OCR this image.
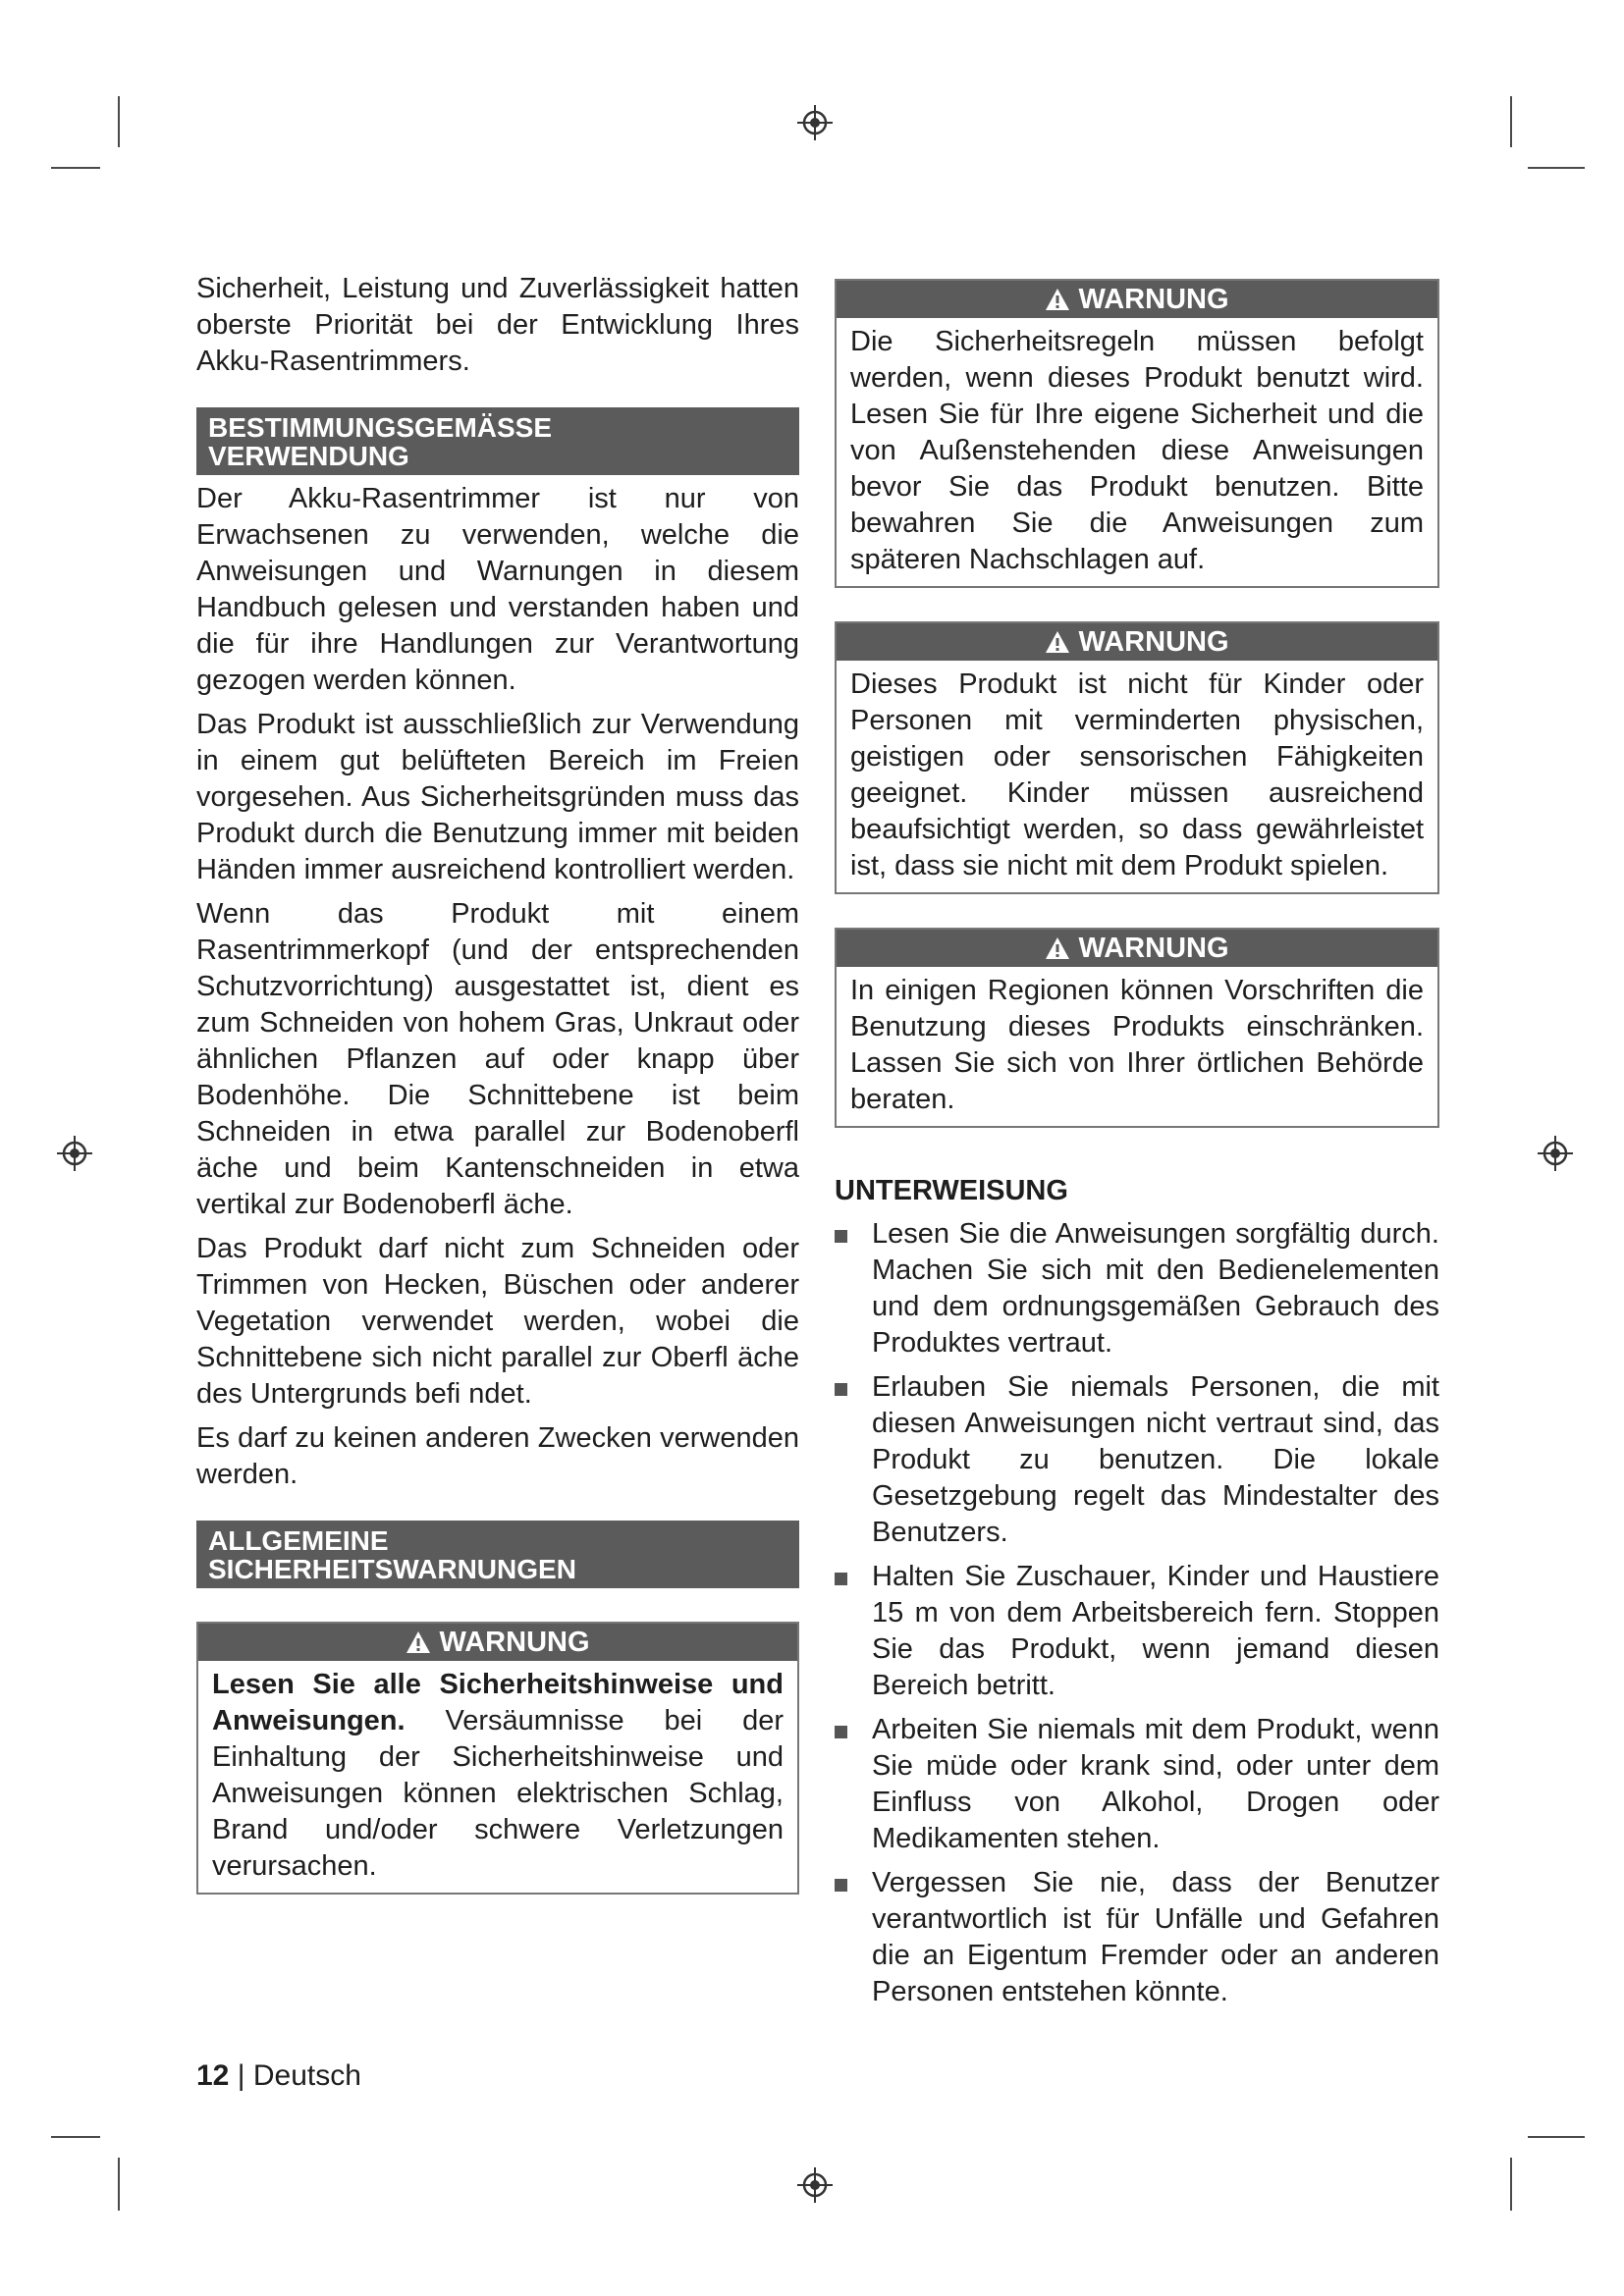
Sicherheit, Leistung und Zuverlässigkeit hatten oberste Priorität bei der Entwicklung Ihres Akku-Rasentrimmers.

BESTIMMUNGSGEMÄSSE
VERWENDUNG

Der Akku-Rasentrimmer ist nur von Erwachsenen zu verwenden, welche die Anweisungen und Warnungen in diesem Handbuch gelesen und verstanden haben und die für ihre Handlungen zur Verantwortung gezogen werden können.

Das Produkt ist ausschließlich zur Verwendung in einem gut belüfteten Bereich im Freien vorgesehen. Aus Sicherheitsgründen muss das Produkt durch die Benutzung immer mit beiden Händen immer ausreichend kontrolliert werden.

Wenn das Produkt mit einem Rasentrimmerkopf (und der entsprechenden Schutzvorrichtung) ausgestattet ist, dient es zum Schneiden von hohem Gras, Unkraut oder ähnlichen Pflanzen auf oder knapp über Bodenhöhe. Die Schnittebene ist beim Schneiden in etwa parallel zur Bodenoberfl äche und beim Kantenschneiden in etwa vertikal zur Bodenoberfl äche.

Das Produkt darf nicht zum Schneiden oder Trimmen von Hecken, Büschen oder anderer Vegetation verwendet werden, wobei die Schnittebene sich nicht parallel zur Oberfl äche des Untergrunds befi ndet.

Es darf zu keinen anderen Zwecken verwenden werden.

ALLGEMEINE
SICHERHEITSWARNUNGEN
WARNUNG
Lesen Sie alle Sicherheitshinweise und Anweisungen. Versäumnisse bei der Einhaltung der Sicherheitshinweise und Anweisungen können elektrischen Schlag, Brand und/oder schwere Verletzungen verursachen.
WARNUNG
Die Sicherheitsregeln müssen befolgt werden, wenn dieses Produkt benutzt wird. Lesen Sie für Ihre eigene Sicherheit und die von Außenstehenden diese Anweisungen bevor Sie das Produkt benutzen. Bitte bewahren Sie die Anweisungen zum späteren Nachschlagen auf.
WARNUNG
Dieses Produkt ist nicht für Kinder oder Personen mit verminderten physischen, geistigen oder sensorischen Fähigkeiten geeignet. Kinder müssen ausreichend beaufsichtigt werden, so dass gewährleistet ist, dass sie nicht mit dem Produkt spielen.
WARNUNG
In einigen Regionen können Vorschriften die Benutzung dieses Produkts einschränken. Lassen Sie sich von Ihrer örtlichen Behörde beraten.
UNTERWEISUNG
Lesen Sie die Anweisungen sorgfältig durch. Machen Sie sich mit den Bedienelementen und dem ordnungsgemäßen Gebrauch des Produktes vertraut.
Erlauben Sie niemals Personen, die mit diesen Anweisungen nicht vertraut sind, das Produkt zu benutzen. Die lokale Gesetzgebung regelt das Mindestalter des Benutzers.
Halten Sie Zuschauer, Kinder und Haustiere 15 m von dem Arbeitsbereich fern. Stoppen Sie das Produkt, wenn jemand diesen Bereich betritt.
Arbeiten Sie niemals mit dem Produkt, wenn Sie müde oder krank sind, oder unter dem Einfluss von Alkohol, Drogen oder Medikamenten stehen.
Vergessen Sie nie, dass der Benutzer verantwortlich ist für Unfälle und Gefahren die an Eigentum Fremder oder an anderen Personen entstehen könnte.
12 | Deutsch
